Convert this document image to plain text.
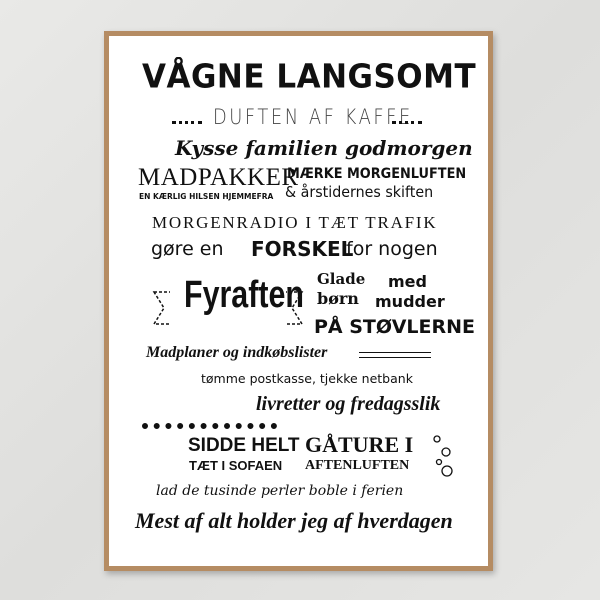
VÅGNE LANGSOMT
DUFTEN AF KAFFE
Kysse familien godmorgen
MADPAKKER
EN KÆRLIG HILSEN HJEMMEFRA
MÆRKE MORGENLUFTEN
& årstidernes skiften
MORGENRADIO I TÆT TRAFIK
gøre en FORSKEL
for nogen
Fyraften Glade
børn
med
mudder
PÅ STØVLERNE
Madplaner og indkøbslister
tømme postkasse, tjekke netbank
livretter og fredagsslik
SIDDE HELT
TÆT I SOFAEN
GÅTURE I
AFTENLUFTEN
lad de tusinde perler boble i ferien
Mest af alt holder jeg af hverdagen
